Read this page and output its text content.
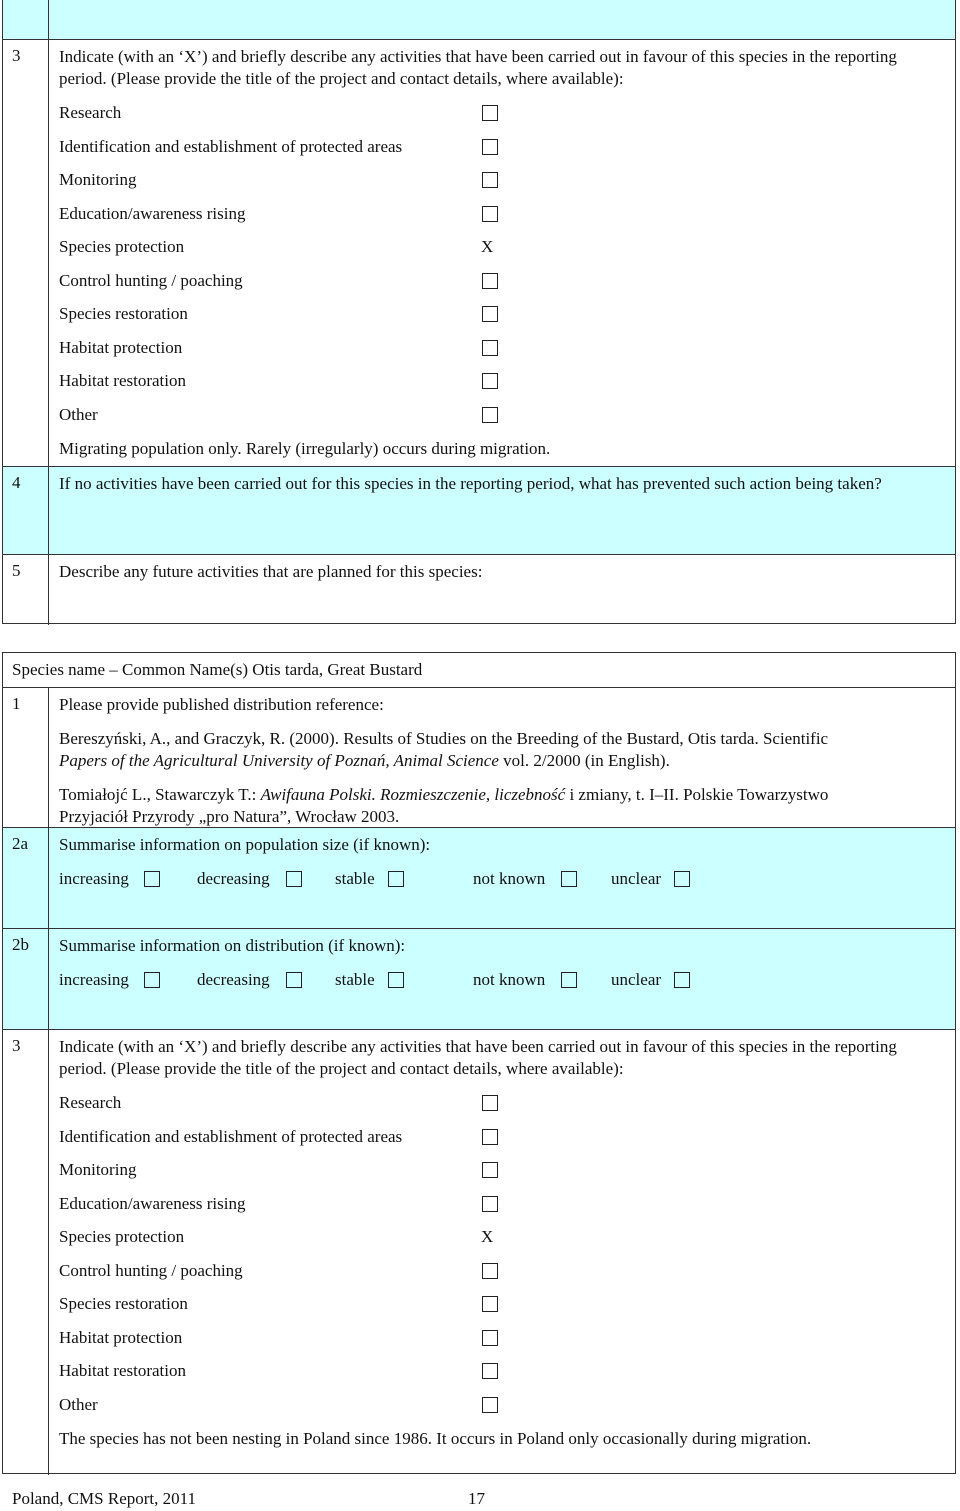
3	Indicate (with an ‘X’) and briefly describe any activities that have been carried out in favour of this species in the reporting period. (Please provide the title of the project and contact details, where available):

Research
Identification and establishment of protected areas
Monitoring
Education/awareness rising
Species protection	X
Control hunting / poaching
Species restoration
Habitat protection
Habitat restoration
Other
Migrating population only. Rarely (irregularly) occurs during migration.
4	If no activities have been carried out for this species in the reporting period, what has prevented such action being taken?
5	Describe any future activities that are planned for this species:
Species name – Common Name(s) Otis tarda, Great Bustard
1	Please provide published distribution reference:

Bereszyński, A., and Graczyk, R. (2000). Results of Studies on the Breeding of the Bustard, Otis tarda. Scientific
Papers of the Agricultural University of Poznań, Animal Science vol. 2/2000 (in English).

Tomiałojć L., Stawarczyk T.: Awifauna Polski. Rozmieszczenie, liczebność i zmiany, t. I–II. Polskie Towarzystwo
Przyjaciół Przyrody „pro Natura”, Wrocław 2003.

2a	Summarise information on population size (if known):
increasing	decreasing	stable	not known	unclear
2b	Summarise information on distribution (if known):
increasing	decreasing	stable	not known	unclear
3	Indicate (with an ‘X’) and briefly describe any activities that have been carried out in favour of this species in the reporting period. (Please provide the title of the project and contact details, where available):

Research
Identification and establishment of protected areas
Monitoring
Education/awareness rising
Species protection	X
Control hunting / poaching
Species restoration
Habitat protection
Habitat restoration
Other
The species has not been nesting in Poland since 1986. It occurs in Poland only occasionally during migration.
Poland, CMS Report, 2011	17
